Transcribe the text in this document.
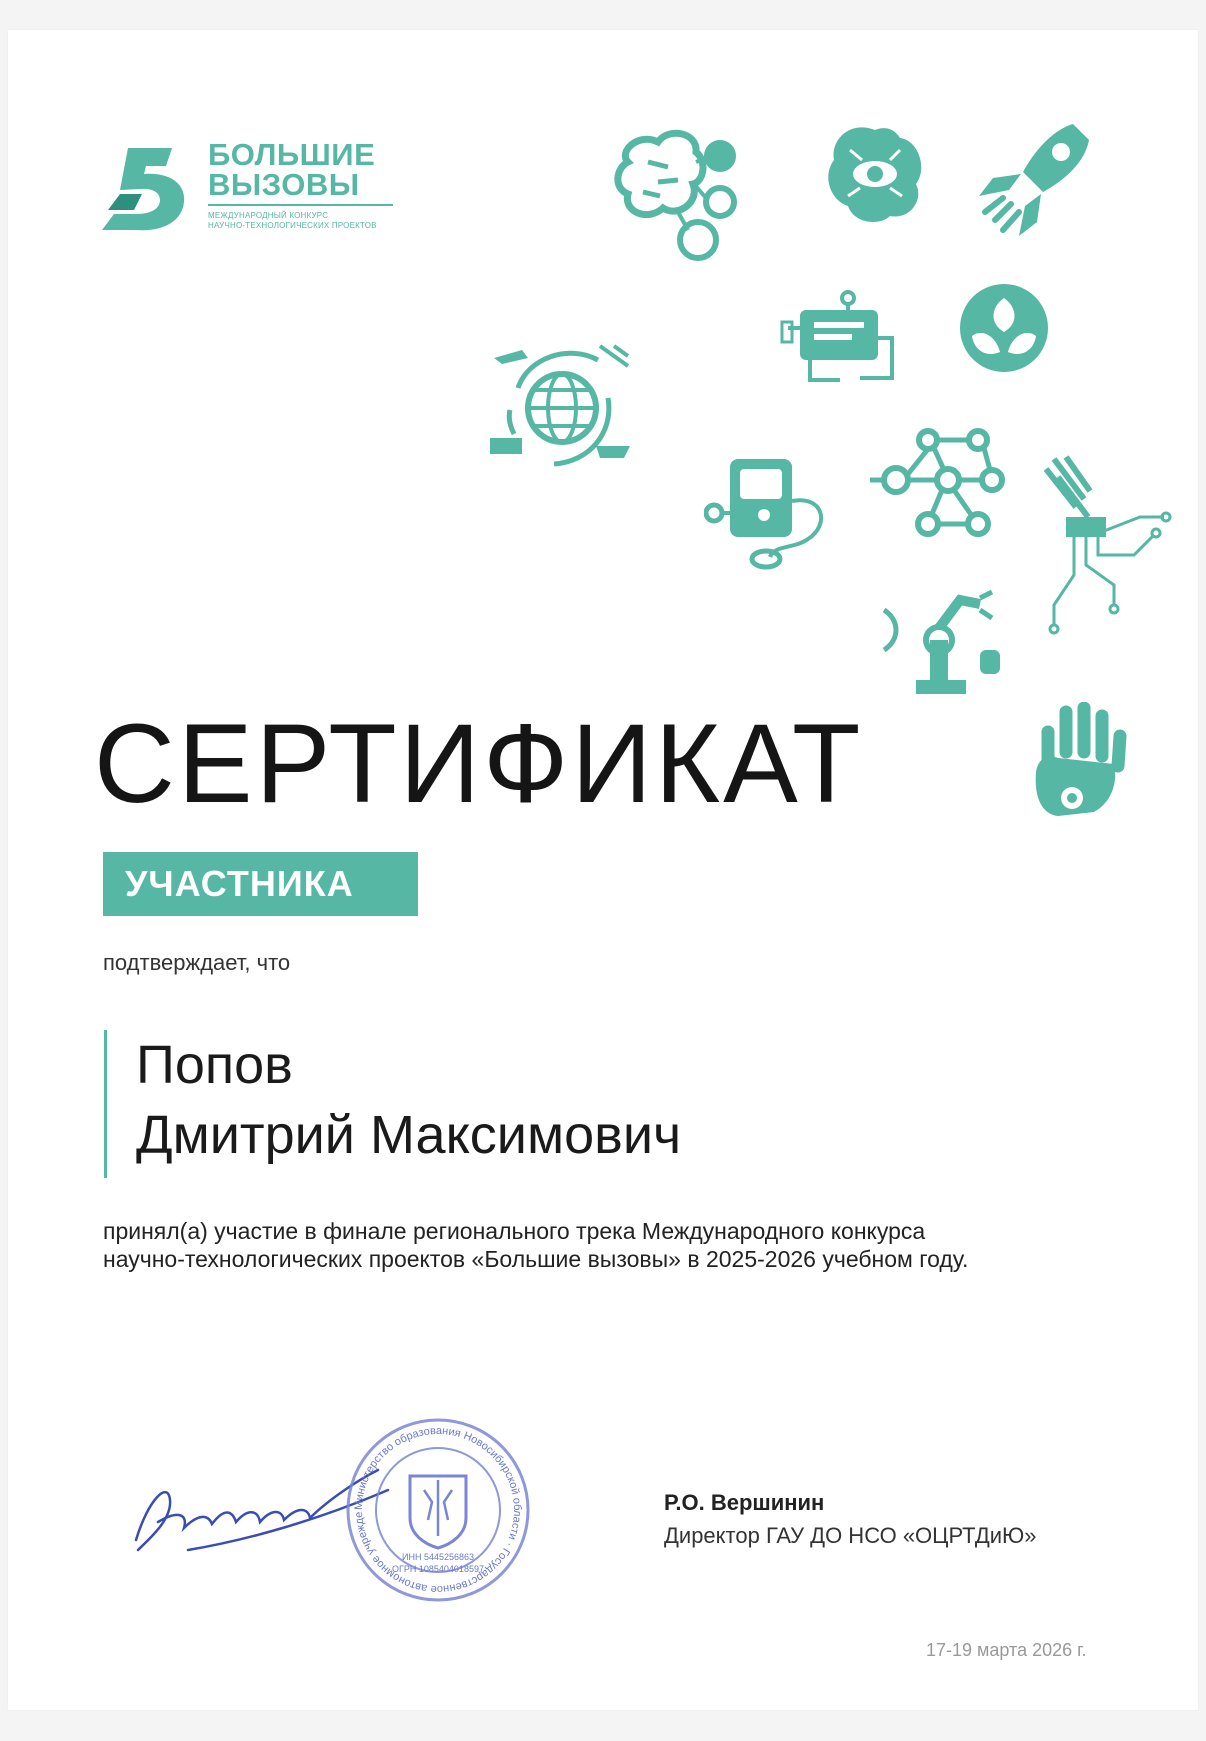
БОЛЬШИЕ
ВЫЗОВЫ
МЕЖДУНАРОДНЫЙ КОНКУРС
НАУЧНО-ТЕХНОЛОГИЧЕСКИХ ПРОЕКТОВ
СЕРТИФИКАТ
УЧАСТНИКА
подтверждает, что
Попов
Дмитрий Максимович
принял(а) участие в финале регионального трека Международного конкурса
научно-технологических проектов «Большие вызовы» в 2025-2026 учебном году.
Министерство образования Новосибирской области · Государственное автономное учрежде
ИНН 5445256863
ОГРН 1085404018597
Р.О. Вершинин
Директор ГАУ ДО НСО «ОЦРТДиЮ»
17-19 марта 2026 г.
